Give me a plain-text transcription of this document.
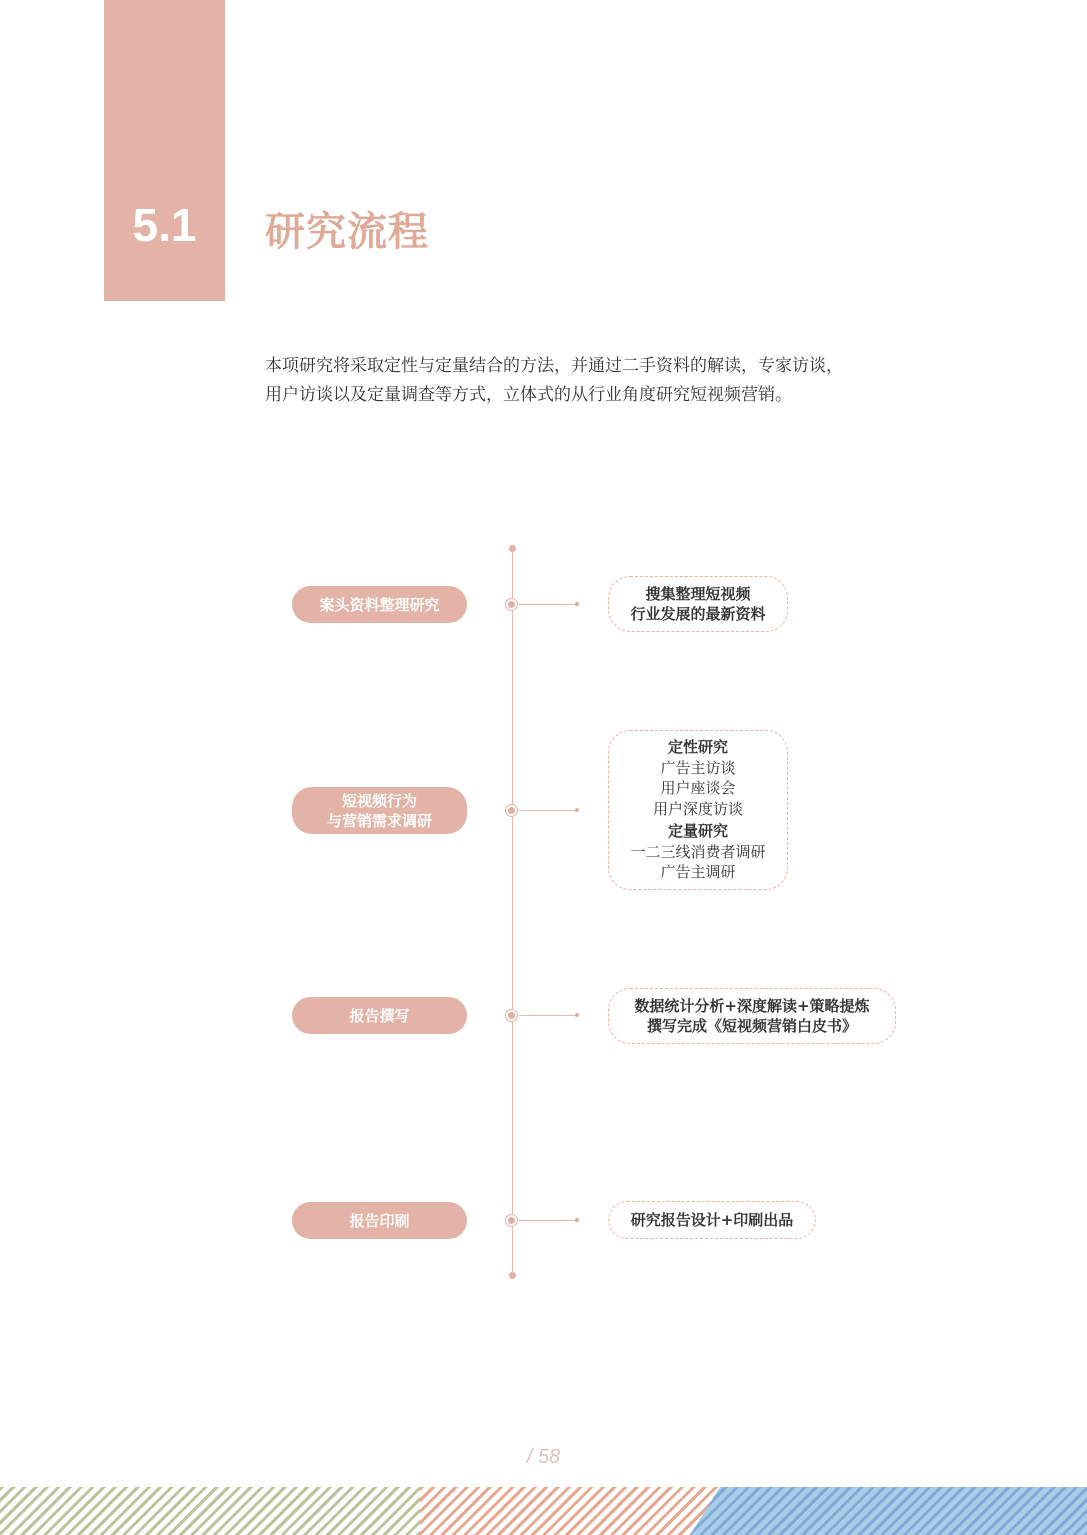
5.1	研究流程

本项研究将采取定性与定量结合的方法，并通过二手资料的解读，专家访谈，

用户访谈以及定量调查等方式，立体式的从行业角度研究短视频营销。

案头资料整理研究
搜集整理短视频
行业发展的最新资料
短视频行为
与营销需求调研
定性研究
广告主访谈
用户座谈会
用户深度访谈
定量研究
一二三线消费者调研
广告主调研
报告撰写
数据统计分析+深度解读+策略提炼
撰写完成《短视频营销白皮书》
报告印刷	研究报告设计+印刷出品
/ 58
